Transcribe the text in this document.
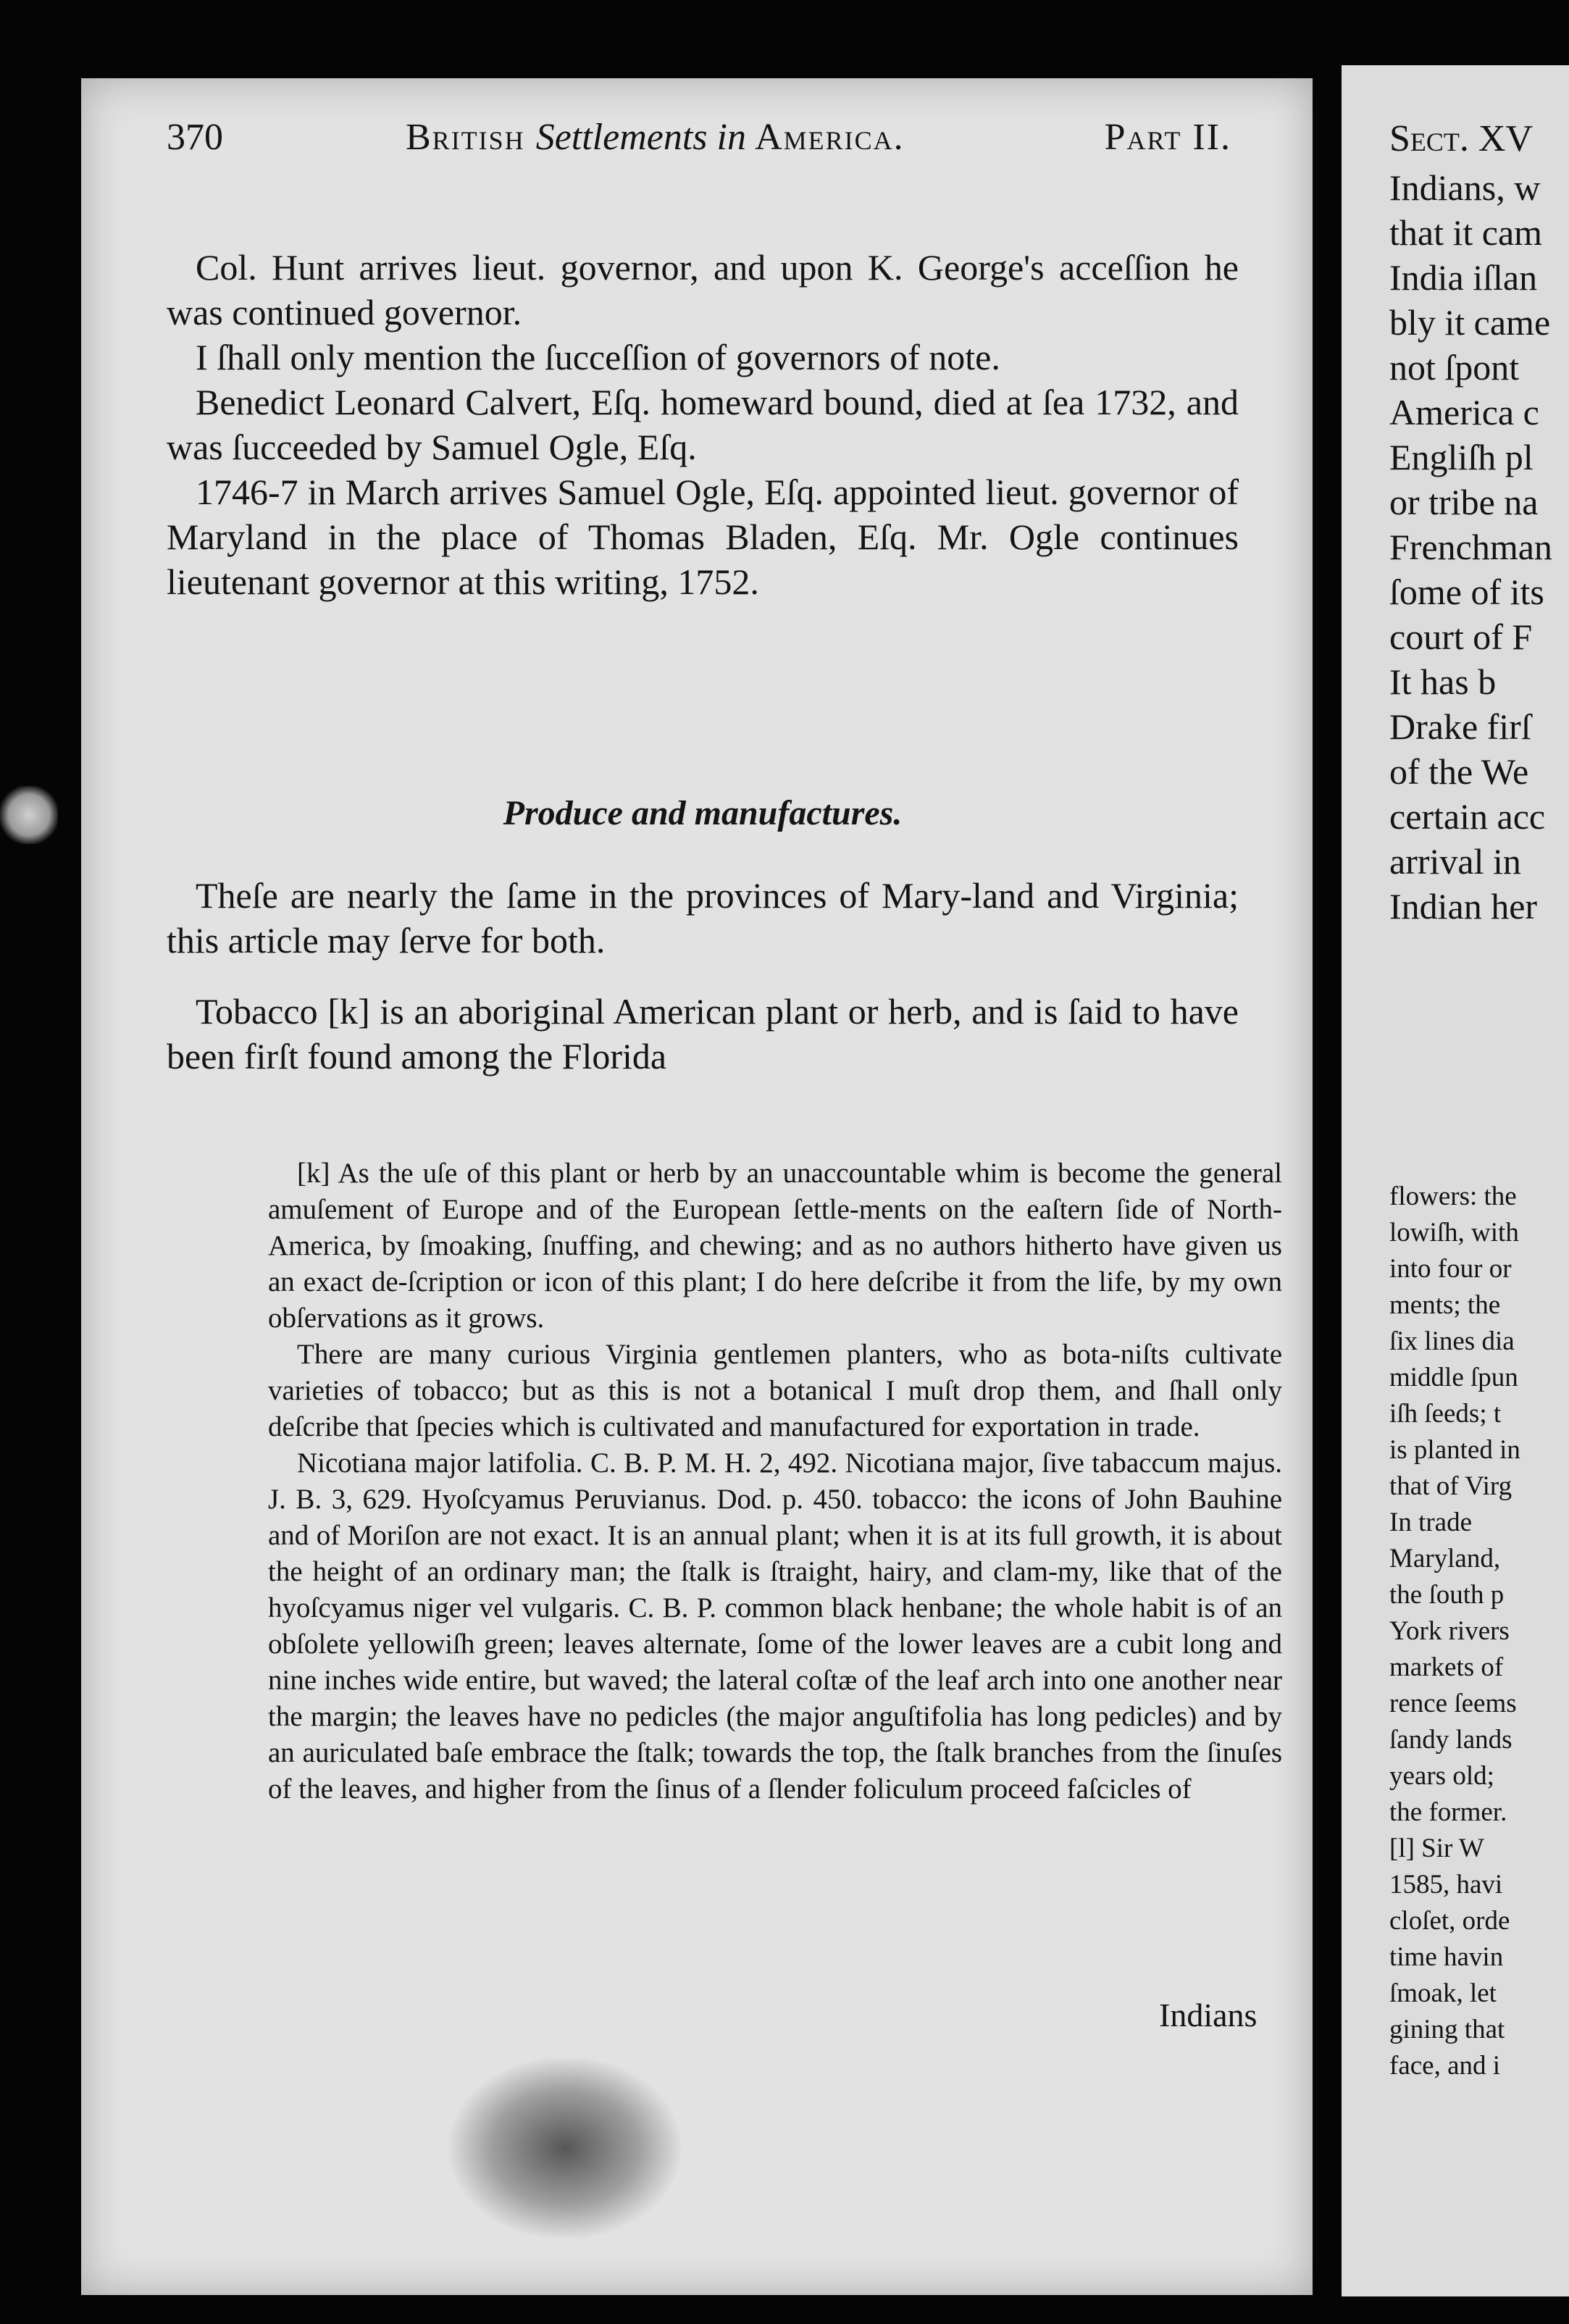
Sect. XV
Indians, w
that it cam
India iſlan
bly it came
not ſpont
America c
Engliſh pl
or tribe na
Frenchman
ſome of its
court of F
It has b
Drake firſ
of the We
certain acc
arrival in
Indian her
flowers: the
lowiſh, with
into four or
ments; the
ſix lines dia
middle ſpun
iſh ſeeds; t
is planted in
that of Virg
In trade
Maryland,
the ſouth p
York rivers
markets of
rence ſeems
ſandy lands
years old;
the former.
[l] Sir W
1585, havi
cloſet, orde
time havin
ſmoak, let
gining that
face, and i
370	British Settlements in America.	Part II.

Col. Hunt arrives lieut. governor, and upon K. George's acceſſion he was continued governor.

I ſhall only mention the ſucceſſion of governors of note.

Benedict Leonard Calvert, Eſq. homeward bound, died at ſea 1732, and was ſucceeded by Samuel Ogle, Eſq.

1746-7 in March arrives Samuel Ogle, Eſq. appointed lieut. governor of Maryland in the place of Thomas Bladen, Eſq. Mr. Ogle continues lieutenant governor at this writing, 1752.

Produce and manufactures.

Theſe are nearly the ſame in the provinces of Mary-land and Virginia; this article may ſerve for both.

Tobacco [k] is an aboriginal American plant or herb, and is ſaid to have been firſt found among the Florida

[k] As the uſe of this plant or herb by an unaccountable whim is become the general amuſement of Europe and of the European ſettle-ments on the eaſtern ſide of North-America, by ſmoaking, ſnuffing, and chewing; and as no authors hitherto have given us an exact de-ſcription or icon of this plant; I do here deſcribe it from the life, by my own obſervations as it grows.

There are many curious Virginia gentlemen planters, who as bota-niſts cultivate varieties of tobacco; but as this is not a botanical I muſt drop them, and ſhall only deſcribe that ſpecies which is cultivated and manufactured for exportation in trade.

Nicotiana major latifolia. C. B. P. M. H. 2, 492. Nicotiana major, ſive tabaccum majus. J. B. 3, 629. Hyoſcyamus Peruvianus. Dod. p. 450. tobacco: the icons of John Bauhine and of Moriſon are not exact. It is an annual plant; when it is at its full growth, it is about the height of an ordinary man; the ſtalk is ſtraight, hairy, and clam-my, like that of the hyoſcyamus niger vel vulgaris. C. B. P. common black henbane; the whole habit is of an obſolete yellowiſh green; leaves alternate, ſome of the lower leaves are a cubit long and nine inches wide entire, but waved; the lateral coſtæ of the leaf arch into one another near the margin; the leaves have no pedicles (the major anguſtifolia has long pedicles) and by an auriculated baſe embrace the ſtalk; towards the top, the ſtalk branches from the ſinuſes of the leaves, and higher from the ſinus of a ſlender foliculum proceed faſcicles of

Indians
